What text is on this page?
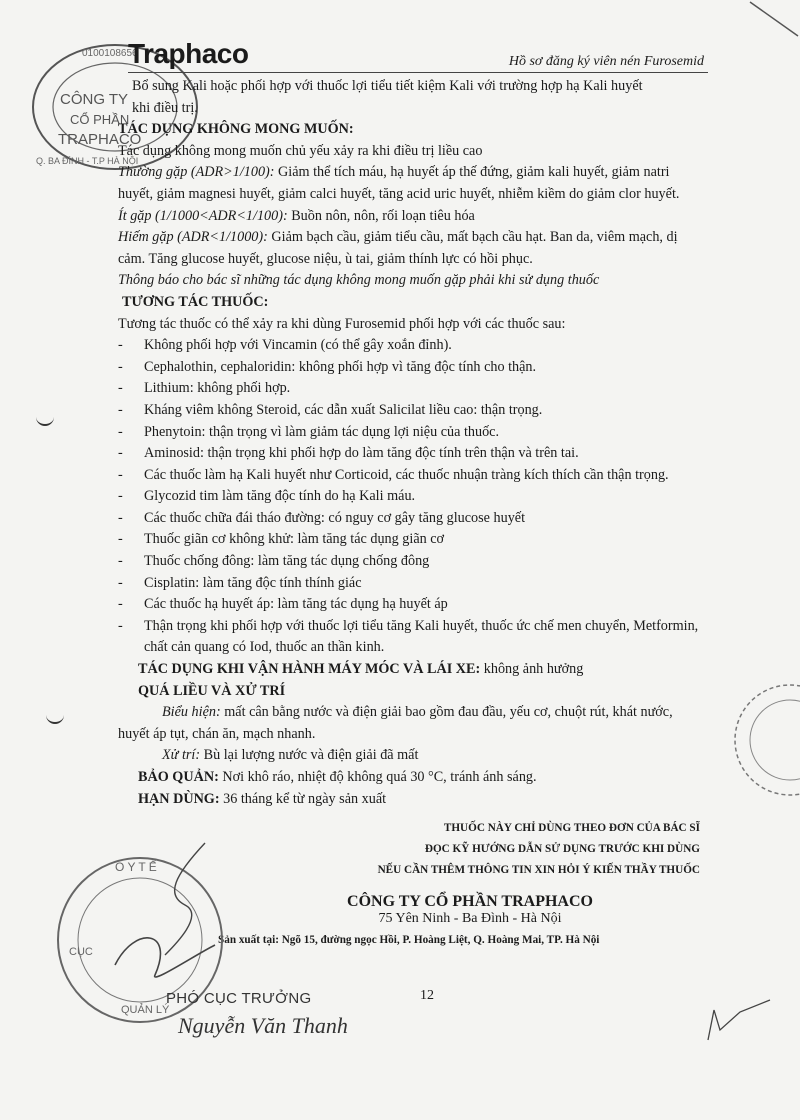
CÔNG TY
CỔ PHẦN
TRAPHACO
0100108656
Q. BA ĐÌNH - T.P HÀ NỘI
Traphaco	Hồ sơ đăng ký viên nén Furosemid

Bổ sung Kali hoặc phối hợp với thuốc lợi tiểu tiết kiệm Kali với trường hợp hạ Kali huyết

khi điều trị.

TÁC DỤNG KHÔNG MONG MUỐN:

Tác dụng không mong muốn chủ yếu xảy ra khi điều trị liều cao

Thường gặp (ADR>1/100): Giảm thể tích máu, hạ huyết áp thế đứng, giảm kali huyết, giảm natri huyết, giảm magnesi huyết, giảm calci huyết, tăng acid uric huyết, nhiễm kiềm do giảm clor huyết.

Ít gặp (1/1000<ADR<1/100): Buồn nôn, nôn, rối loạn tiêu hóa

Hiếm gặp (ADR<1/1000): Giảm bạch cầu, giảm tiểu cầu, mất bạch cầu hạt. Ban da, viêm mạch, dị cảm. Tăng glucose huyết, glucose niệu, ù tai, giảm thính lực có hồi phục.

Thông báo cho bác sĩ những tác dụng không mong muốn gặp phải khi sử dụng thuốc

TƯƠNG TÁC THUỐC:

Tương tác thuốc có thể xảy ra khi dùng Furosemid phối hợp với các thuốc sau:

- Không phối hợp với Vincamin (có thể gây xoắn đỉnh).
- Cephalothin, cephaloridin: không phối hợp vì tăng độc tính cho thận.
- Lithium: không phối hợp.
- Kháng viêm không Steroid, các dẫn xuất Salicilat liều cao: thận trọng.
- Phenytoin: thận trọng vì làm giảm tác dụng lợi niệu của thuốc.
- Aminosid: thận trọng khi phối hợp do làm tăng độc tính trên thận và trên tai.
- Các thuốc làm hạ Kali huyết như Corticoid, các thuốc nhuận tràng kích thích cần thận trọng.
- Glycozid tim làm tăng độc tính do hạ Kali máu.
- Các thuốc chữa đái tháo đường: có nguy cơ gây tăng glucose huyết
- Thuốc giãn cơ không khử: làm tăng tác dụng giãn cơ
- Thuốc chống đông: làm tăng tác dụng chống đông
- Cisplatin: làm tăng độc tính thính giác
- Các thuốc hạ huyết áp: làm tăng tác dụng hạ huyết áp
- Thận trọng khi phối hợp với thuốc lợi tiểu tăng Kali huyết, thuốc ức chế men chuyển, Metformin, chất cản quang có Iod, thuốc an thần kinh.

TÁC DỤNG KHI VẬN HÀNH MÁY MÓC VÀ LÁI XE: không ảnh hưởng

QUÁ LIỀU VÀ XỬ TRÍ

Biểu hiện: mất cân bằng nước và điện giải bao gồm đau đầu, yếu cơ, chuột rút, khát nước, huyết áp tụt, chán ăn, mạch nhanh.

Xử trí: Bù lại lượng nước và điện giải đã mất

BẢO QUẢN: Nơi khô ráo, nhiệt độ không quá 30 °C, tránh ánh sáng.

HẠN DÙNG: 36 tháng kể từ ngày sản xuất

THUỐC NÀY CHỈ DÙNG THEO ĐƠN CỦA BÁC SĨ
ĐỌC KỸ HƯỚNG DẪN SỬ DỤNG TRƯỚC KHI DÙNG
NẾU CẦN THÊM THÔNG TIN XIN HỎI Ý KIẾN THẦY THUỐC
CÔNG TY CỔ PHẦN TRAPHACO
75 Yên Ninh - Ba Đình - Hà Nội
Sản xuất tại: Ngõ 15, đường ngọc Hồi, P. Hoàng Liệt, Q. Hoàng Mai, TP. Hà Nội
12
O Y T Ế
CỤC
QUẢN LÝ
PHÓ CỤC TRƯỞNG
Nguyễn Văn Thanh
